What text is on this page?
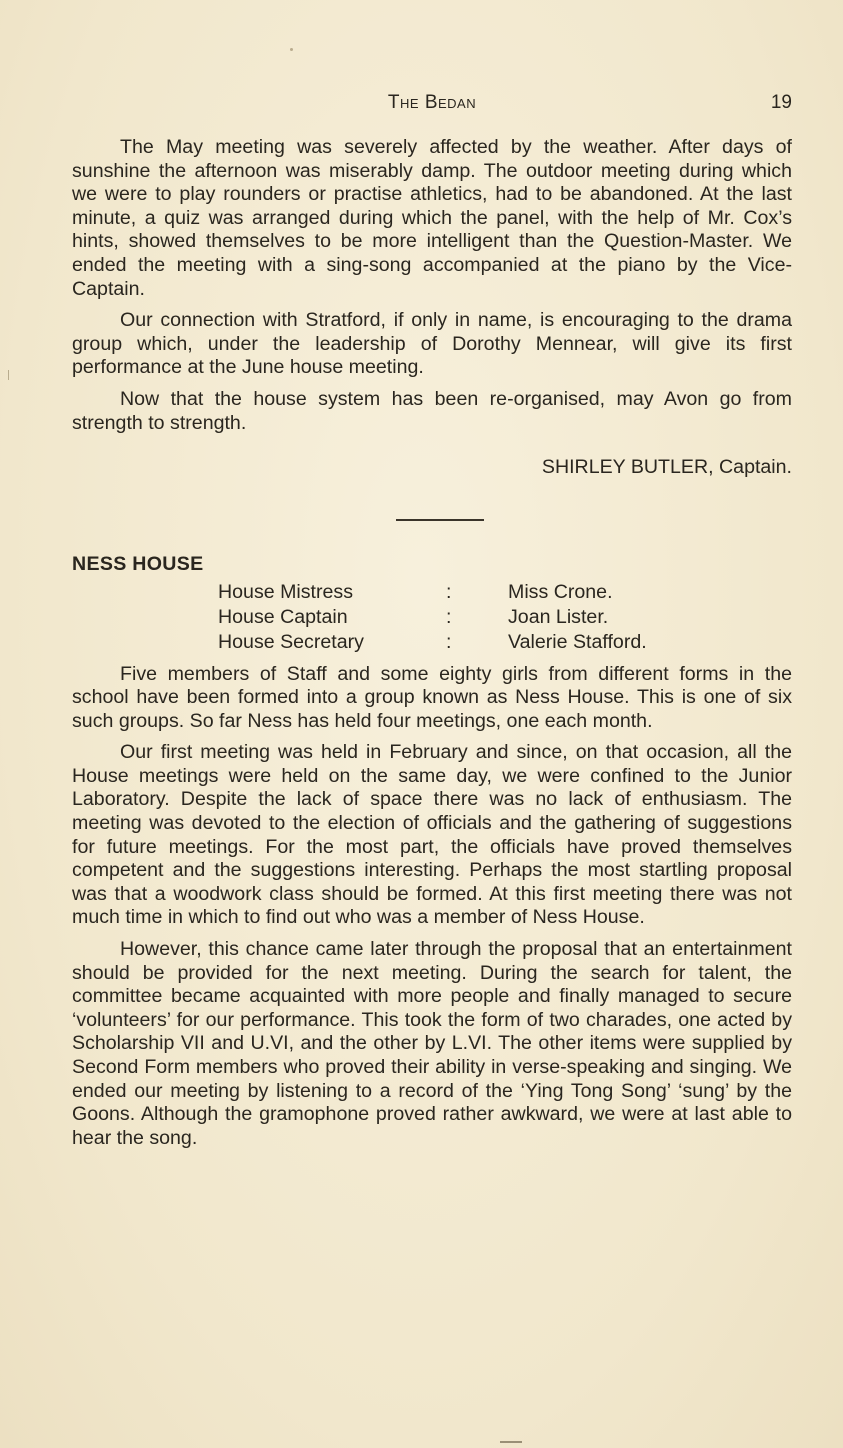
The Bedan	19

The May meeting was severely affected by the weather. After days of sunshine the afternoon was miserably damp. The outdoor meeting during which we were to play rounders or practise athletics, had to be abandoned. At the last minute, a quiz was arranged during which the panel, with the help of Mr. Cox’s hints, showed themselves to be more intelligent than the Question-Master. We ended the meeting with a sing-song accompanied at the piano by the Vice-Captain.

Our connection with Stratford, if only in name, is encouraging to the drama group which, under the leadership of Dorothy Mennear, will give its first performance at the June house meeting.

Now that the house system has been re-organised, may Avon go from strength to strength.

SHIRLEY BUTLER, Captain.
NESS HOUSE
House Mistress	:	Miss Crone.
House Captain	:	Joan Lister.
House Secretary	:	Valerie Stafford.

Five members of Staff and some eighty girls from different forms in the school have been formed into a group known as Ness House. This is one of six such groups. So far Ness has held four meetings, one each month.

Our first meeting was held in February and since, on that occasion, all the House meetings were held on the same day, we were confined to the Junior Laboratory. Despite the lack of space there was no lack of enthusiasm. The meeting was devoted to the election of officials and the gathering of suggestions for future meetings. For the most part, the officials have proved themselves competent and the suggestions interesting. Perhaps the most startling proposal was that a woodwork class should be formed. At this first meeting there was not much time in which to find out who was a member of Ness House.

However, this chance came later through the proposal that an entertainment should be provided for the next meeting. During the search for talent, the committee became acquainted with more people and finally managed to secure ‘volunteers’ for our performance. This took the form of two charades, one acted by Scholarship VII and U.VI, and the other by L.VI. The other items were supplied by Second Form members who proved their ability in verse-speaking and singing. We ended our meeting by listening to a record of the ‘Ying Tong Song’ ‘sung’ by the Goons. Although the gramophone proved rather awkward, we were at last able to hear the song.
